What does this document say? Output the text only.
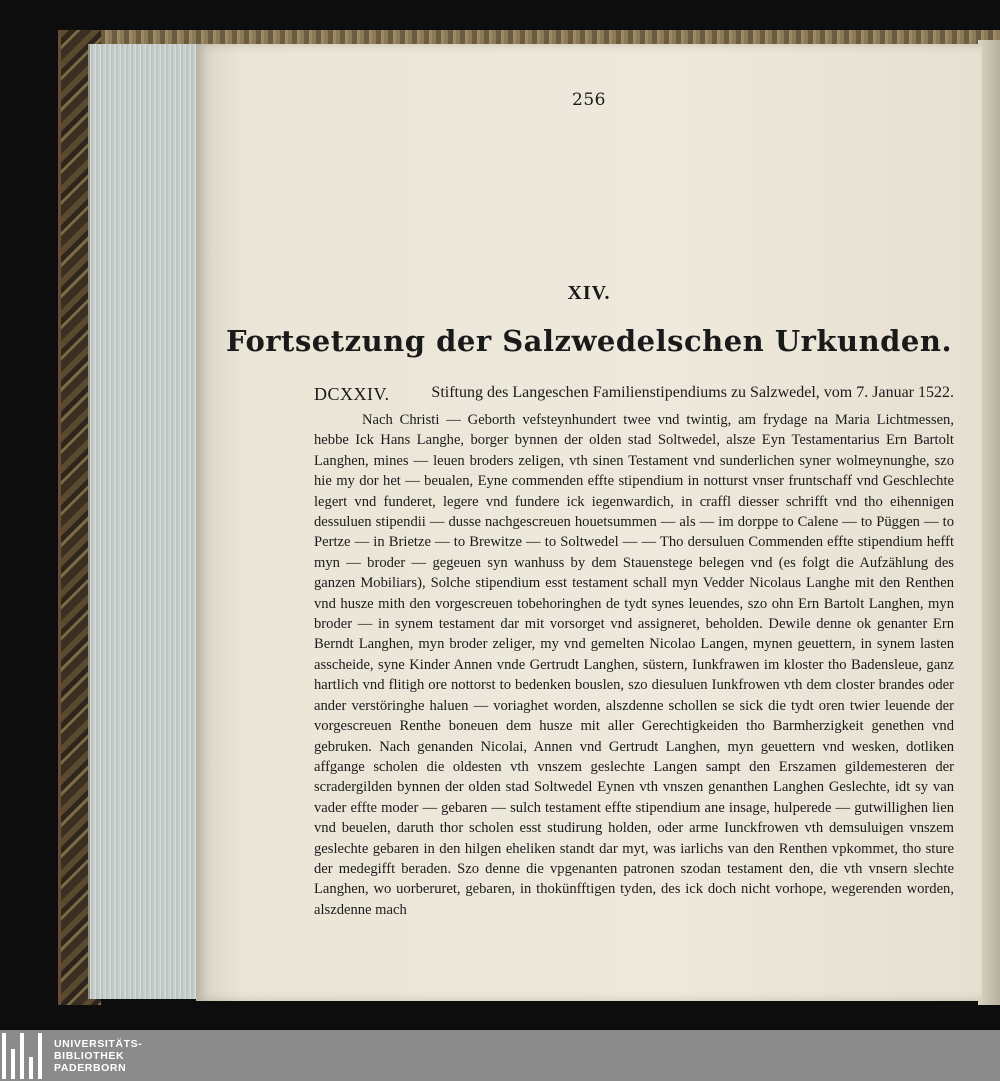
256
XIV.
Fortsetzung der Salzwedelschen Urkunden.
DCXXIV.	Stiftung des Langeschen Familienstipendiums zu Salzwedel, vom 7. Januar 1522.

Nach Christi — Geborth vefsteynhundert twee vnd twintig, am frydage na Maria Lichtmessen, hebbe Ick Hans Langhe, borger bynnen der olden stad Soltwedel, alsze Eyn Testamentarius Ern Bartolt Langhen, mines — leuen broders zeligen, vth sinen Testament vnd sunderlichen syner wolmeynunghe, szo hie my dor het — beualen, Eyne commenden effte stipendium in notturst vnser fruntschaff vnd Geschlechte legert vnd funderet, legere vnd fundere ick iegenwardich, in craffl diesser schrifft vnd tho eihennigen dessuluen stipendii — dusse nachgescreuen houetsummen — als — im dorppe to Calene — to Püggen — to Pertze — in Brietze — to Brewitze — to Soltwedel — — Tho dersuluen Commenden effte stipendium hefft myn — broder — gegeuen syn wanhuss by dem Stauenstege belegen vnd (es folgt die Aufzählung des ganzen Mobiliars), Solche stipendium esst testament schall myn Vedder Nicolaus Langhe mit den Renthen vnd husze mith den vorgescreuen tobehoringhen de tydt synes leuendes, szo ohn Ern Bartolt Langhen, myn broder — in synem testament dar mit vorsorget vnd assigneret, beholden. Dewile denne ok genanter Ern Berndt Langhen, myn broder zeliger, my vnd gemelten Nicolao Langen, mynen geuettern, in synem lasten asscheide, syne Kinder Annen vnde Gertrudt Langhen, süstern, Iunkfrawen im kloster tho Badensleue, ganz hartlich vnd flitigh ore nottorst to bedenken bouslen, szo diesuluen Iunkfrowen vth dem closter brandes oder ander verstöringhe haluen — voriaghet worden, alszdenne schollen se sick die tydt oren twier leuende der vorgescreuen Renthe boneuen dem husze mit aller Gerechtigkeiden tho Barmherzigkeit genethen vnd gebruken. Nach genanden Nicolai, Annen vnd Gertrudt Langhen, myn geuettern vnd wesken, dotliken affgange scholen die oldesten vth vnszem geslechte Langen sampt den Erszamen gildemesteren der scradergilden bynnen der olden stad Soltwedel Eynen vth vnszen genanthen Langhen Geslechte, idt sy van vader effte moder — gebaren — sulch testament effte stipendium ane insage, hulperede — gutwillighen lien vnd beuelen, daruth thor scholen esst studirung holden, oder arme Iunckfrowen vth demsuluigen vnszem geslechte gebaren in den hilgen eheliken standt dar myt, was iarlichs van den Renthen vpkommet, tho sture der medegifft beraden. Szo denne die vpgenanten patronen szodan testament den, die vth vnsern slechte Langhen, wo uorberuret, gebaren, in thokünfftigen tyden, des ick doch nicht vorhope, wegerenden worden, alszdenne mach

UNIVERSITÄTS-
BIBLIOTHEK
PADERBORN
